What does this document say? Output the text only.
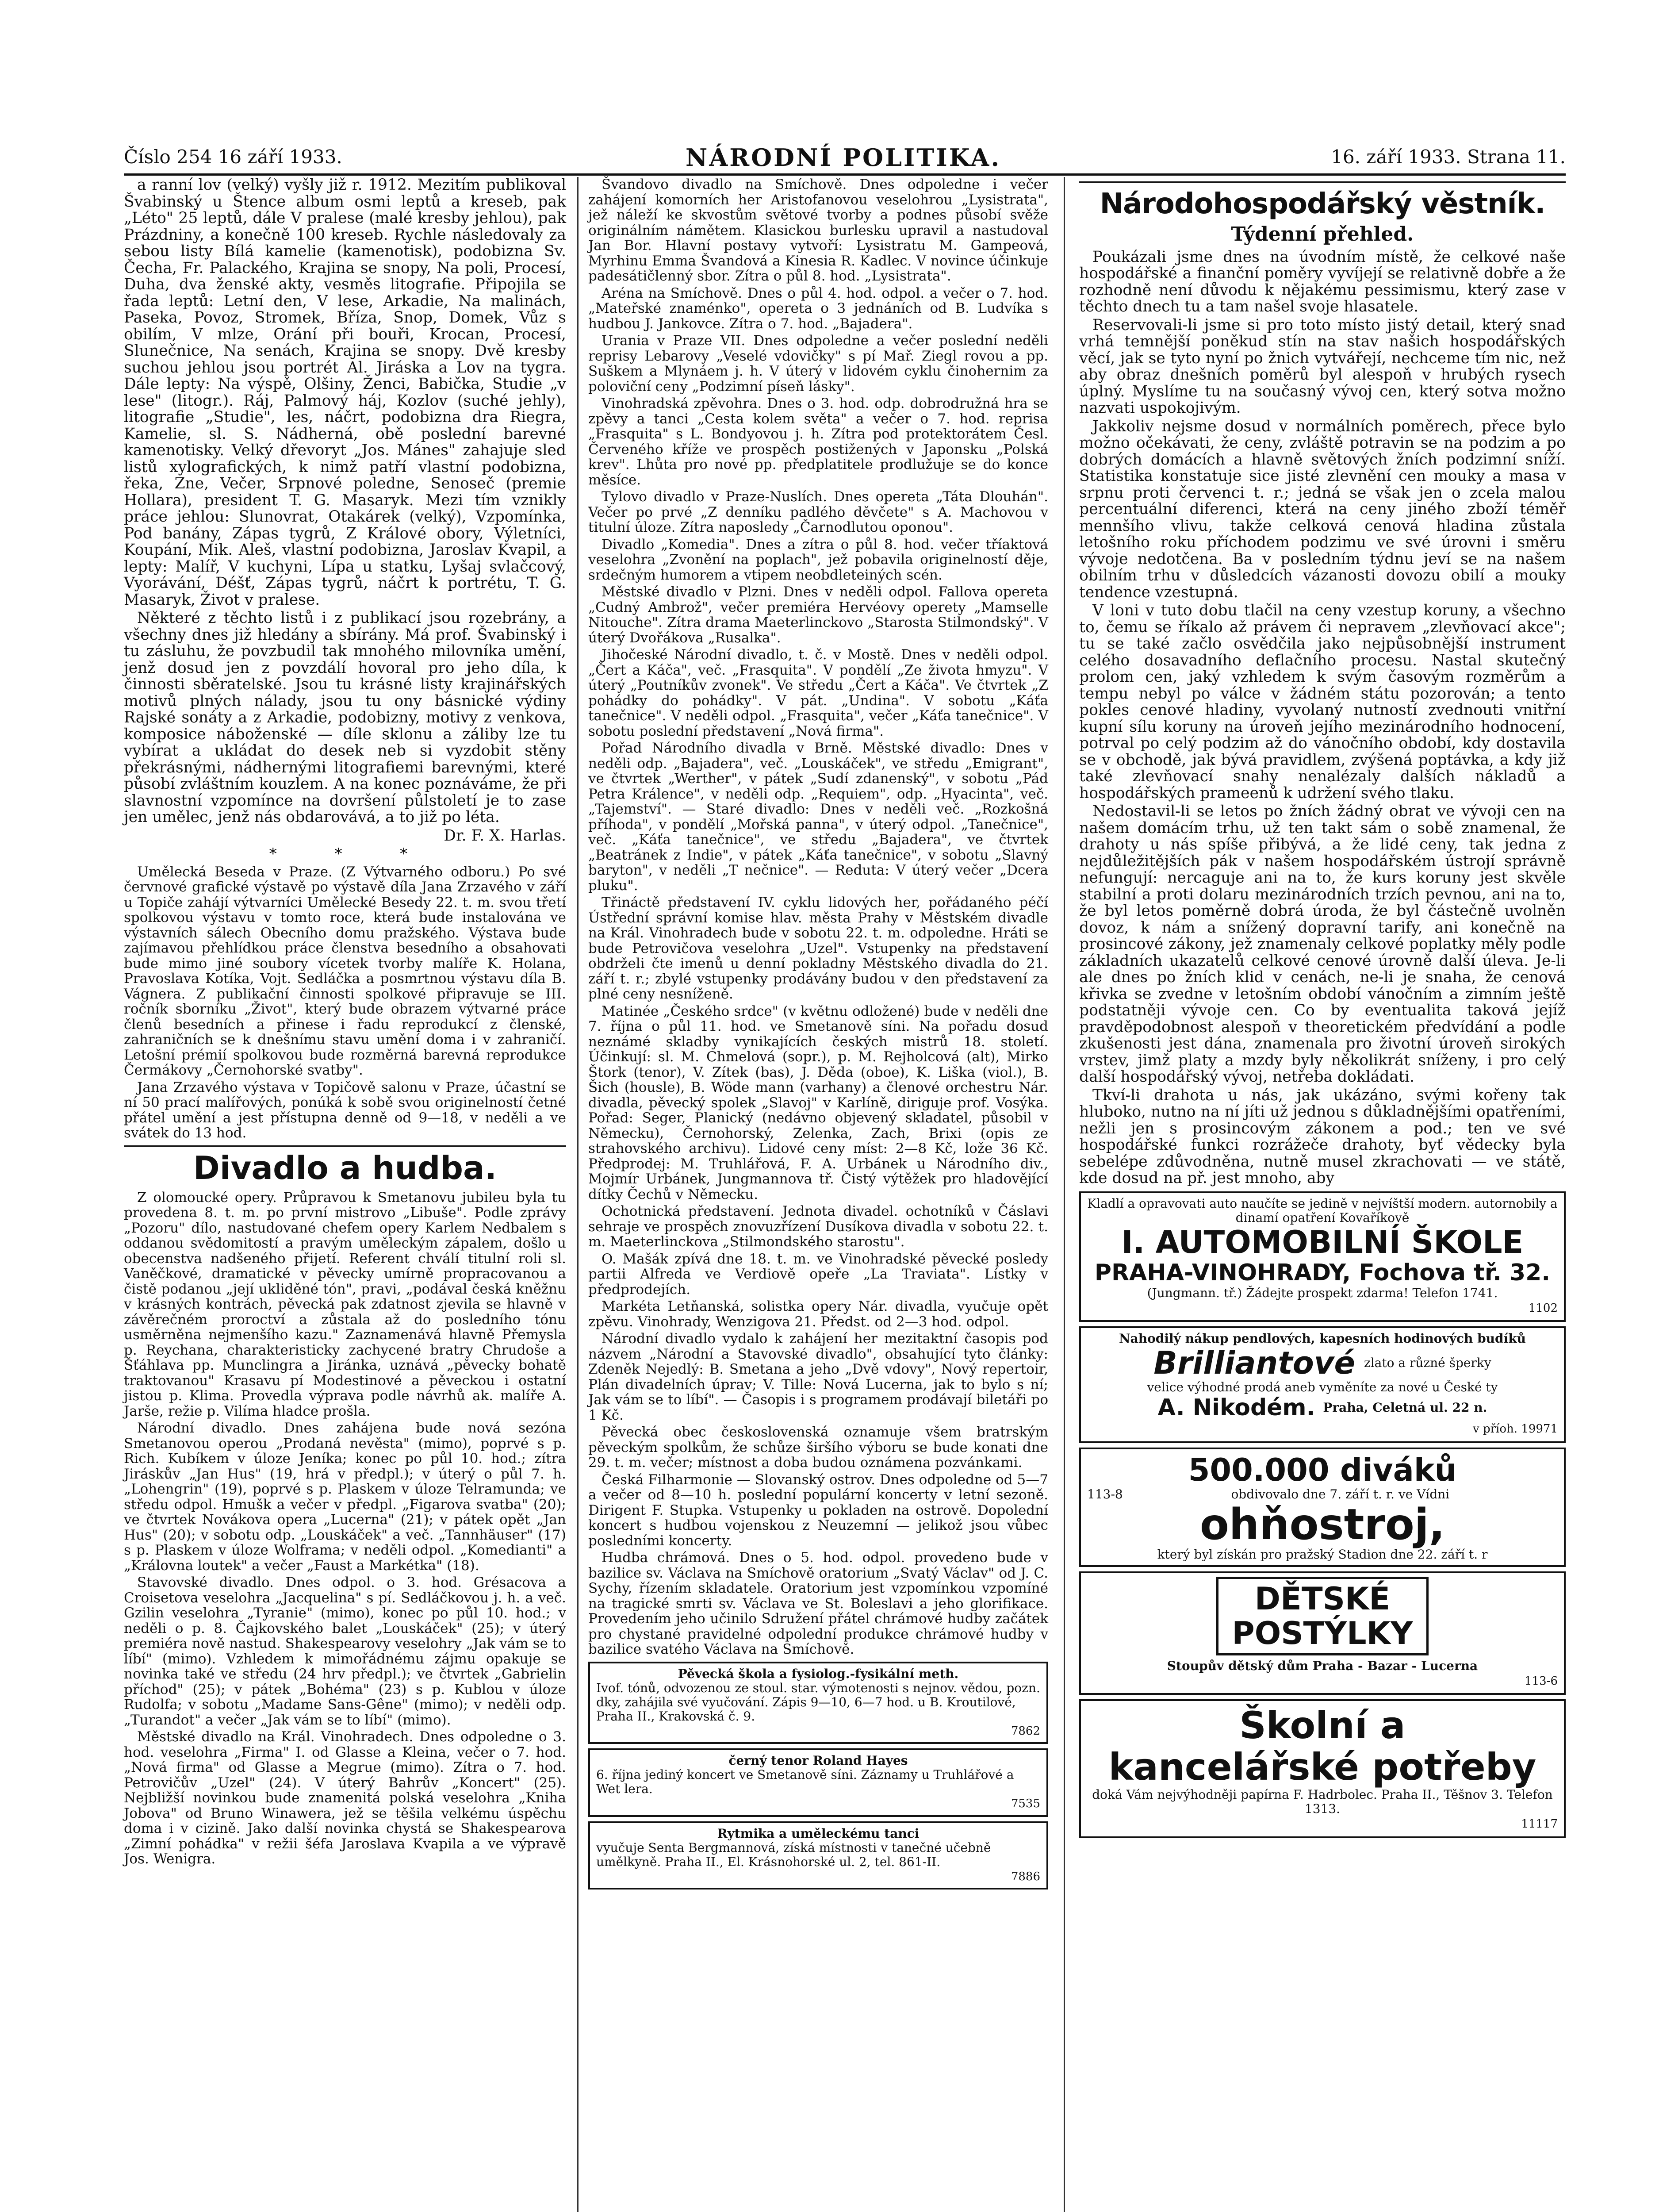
Číslo 254 16 září 1933.	NÁRODNÍ POLITIKA.	16. září 1933. Strana 11.

a ranní lov (velký) vyšly již r. 1912. Mezitím publikoval Švabinský u Štence album osmi leptů a kreseb, pak „Léto" 25 leptů, dále V pralese (malé kresby jehlou), pak Prázdniny, a konečně 100 kreseb. Rychle následovaly za sebou listy Bílá kamelie (kamenotisk), podobizna Sv. Čecha, Fr. Palackého, Krajina se snopy, Na poli, Procesí, Duha, dva ženské akty, vesměs litografie. Připojila se řada leptů: Letní den, V lese, Arkadie, Na malinách, Paseka, Povoz, Stromek, Bříza, Snop, Domek, Vůz s obilím, V mlze, Orání při bouři, Krocan, Procesí, Slunečnice, Na senách, Krajina se snopy. Dvě kresby suchou jehlou jsou portrét Al. Jiráska a Lov na tygra. Dále lepty: Na výspě, Olšiny, Ženci, Babička, Studie „v lese" (litogr.). Ráj, Palmový háj, Kozlov (suché jehly), litografie „Studie", les, náčrt, podobizna dra Riegra, Kamelie, sl. S. Nádherná, obě poslední barevné kamenotisky. Velký dřevoryt „Jos. Mánes" zahajuje sled listů xylografických, k nimž patří vlastní podobizna, řeka, Zne, Večer, Srpnové poledne, Senoseč (premie Hollara), president T. G. Masaryk. Mezi tím vznikly práce jehlou: Slunovrat, Otakárek (velký), Vzpomínka, Pod banány, Zápas tygrů, Z Králové obory, Výletníci, Koupání, Mik. Aleš, vlastní podobizna, Jaroslav Kvapil, a lepty: Malíř, V kuchyni, Lípa u statku, Lyšaj svlačcový, Vyorávání, Déšť, Zápas tygrů, náčrt k portrétu, T. G. Masaryk, Život v pralese.

Některé z těchto listů i z publikací jsou rozebrány, a všechny dnes již hledány a sbírány. Má prof. Švabinský i tu zásluhu, že povzbudil tak mnohého milovníka umění, jenž dosud jen z povzdálí hovoral pro jeho díla, k činnosti sběratelské. Jsou tu krásné listy krajinářských motivů plných nálady, jsou tu ony básnické výdiny Rajské sonáty a z Arkadie, podobizny, motivy z venkova, komposice náboženské — díle sklonu a záliby lze tu vybírat a ukládat do desek neb si vyzdobit stěny překrásnými, nádhernými litografiemi barevnými, které působí zvláštním kouzlem. A na konec poznáváme, že při slavnostní vzpomínce na dovršení půlstoletí je to zase jen umělec, jenž nás obdarovává, a to již po léta.

Dr. F. X. Harlas.

* * *

Umělecká Beseda v Praze. (Z Výtvarného odboru.) Po své červnové grafické výstavě po výstavě díla Jana Zrzavého v září u Topiče zahájí výtvarníci Umělecké Besedy 22. t. m. svou třetí spolkovou výstavu v tomto roce, která bude instalována ve výstavních sálech Obecního domu pražského. Výstava bude zajímavou přehlídkou práce členstva besedního a obsahovati bude mimo jiné soubory vícetek tvorby malíře K. Holana, Pravoslava Kotíka, Vojt. Sedláčka a posmrtnou výstavu díla B. Vágnera. Z publikační činnosti spolkové připravuje se III. ročník sborníku „Život", který bude obrazem výtvarné práce členů besedních a přinese i řadu reprodukcí z členské, zahraničních se k dnešnímu stavu umění doma i v zahraničí. Letošní prémií spolkovou bude rozměrná barevná reprodukce Čermákovy „Černohorské svatby".

Jana Zrzavého výstava v Topičově salonu v Praze, účastní se ní 50 prací malířových, ponúká k sobě svou originelností četné přátel umění a jest přístupna denně od 9—18, v neděli a ve svátek do 13 hod.

Divadlo a hudba.

Z olomoucké opery. Průpravou k Smetanovu jubileu byla tu provedena 8. t. m. po první mistrovo „Libuše". Podle zprávy „Pozoru" dílo, nastudované chefem opery Karlem Nedbalem s oddanou svědomitostí a pravým uměleckým zápalem, došlo u obecenstva nadšeného přijetí. Referent chválí titulní roli sl. Vaněčkové, dramatické v pěvecky umírně propracovanou a čistě podanou „její ukliděné tón", pravi, „podával česká kněžnu v krásných kontrách, pěvecká pak zdatnost zjevila se hlavně v závěrečném proroctví a zůstala až do posledního tónu usměrněna nejmenšího kazu." Zaznamenává hlavně Přemysla p. Reychana, charakteristicky zachycené bratry Chrudoše a Šťáhlava pp. Munclingra a Jiránka, uznává „pěvecky bohatě traktovanou" Krasavu pí Modestinové a pěveckou i ostatní jistou p. Klima. Provedla výprava podle návrhů ak. malíře A. Jarše, režie p. Vilíma hladce prošla.

Národní divadlo. Dnes zahájena bude nová sezóna Smetanovou operou „Prodaná nevěsta" (mimo), poprvé s p. Rich. Kubíkem v úloze Jeníka; konec po půl 10. hod.; zítra Jiráskův „Jan Hus" (19, hrá v předpl.); v úterý o půl 7. h. „Lohengrin" (19), poprvé s p. Plaskem v úloze Telramunda; ve středu odpol. Hmušk a večer v předpl. „Figarova svatba" (20); ve čtvrtek Novákova opera „Lucerna" (21); v pátek opět „Jan Hus" (20); v sobotu odp. „Louskáček" a več. „Tannhäuser" (17) s p. Plaskem v úloze Wolframa; v neděli odpol. „Komedianti" a „Královna loutek" a večer „Faust a Markétka" (18).

Stavovské divadlo. Dnes odpol. o 3. hod. Grésacova a Croisetova veselohra „Jacquelina" s pí. Sedláčkovou j. h. a več. Gzilin veselohra „Tyranie" (mimo), konec po půl 10. hod.; v neděli o p. 8. Čajkovského balet „Louskáček" (25); v úterý premiéra nově nastud. Shakespearovy veselohry „Jak vám se to líbí" (mimo). Vzhledem k mimořádnému zájmu opakuje se novinka také ve středu (24 hrv předpl.); ve čtvrtek „Gabrielin příchod" (25); v pátek „Bohéma" (23) s p. Kublou v úloze Rudolfa; v sobotu „Madame Sans-Gêne" (mimo); v neděli odp. „Turandot" a večer „Jak vám se to líbí" (mimo).

Městské divadlo na Král. Vinohradech. Dnes odpoledne o 3. hod. veselohra „Firma" I. od Glasse a Kleina, večer o 7. hod. „Nová firma" od Glasse a Megrue (mimo). Zítra o 7. hod. Petrovičův „Uzel" (24). V úterý Bahrův „Koncert" (25). Nejbližší novinkou bude znamenitá polská veselohra „Kniha Jobova" od Bruno Winawera, jež se těšila velkému úspěchu doma i v cizině. Jako další novinka chystá se Shakespearova „Zimní pohádka" v režii šéfa Jaroslava Kvapila a ve výpravě Jos. Wenigra.

Švandovo divadlo na Smíchově. Dnes odpoledne i večer zahájení komorních her Aristofanovou veselohrou „Lysistrata", jež náleží ke skvostům světové tvorby a podnes působí svěže originálním námětem. Klasickou burlesku upravil a nastudoval Jan Bor. Hlavní postavy vytvoří: Lysistratu M. Gampeová, Myrhinu Emma Švandová a Kinesia R. Kadlec. V novince účinkuje padesátičlenný sbor. Zítra o půl 8. hod. „Lysistrata".

Aréna na Smíchově. Dnes o půl 4. hod. odpol. a večer o 7. hod. „Mateřské znaménko", opereta o 3 jednáních od B. Ludvíka s hudbou J. Jankovce. Zítra o 7. hod. „Bajadera".

Urania v Praze VII. Dnes odpoledne a večer poslední neděli reprisy Lebarovy „Veselé vdovičky" s pí Mař. Ziegl rovou a pp. Suškem a Mlynáem j. h. V úterý v lidovém cyklu činohernim za poloviční ceny „Podzimní píseň lásky".

Vinohradská zpěvohra. Dnes o 3. hod. odp. dobrodružná hra se zpěvy a tanci „Cesta kolem světa" a večer o 7. hod. reprisa „Frasquita" s L. Bondyovou j. h. Zítra pod protektorátem Česl. Červeného kříže ve prospěch postižených v Japonsku „Polská krev". Lhůta pro nové pp. předplatitele prodlužuje se do konce měsíce.

Tylovo divadlo v Praze-Nuslích. Dnes opereta „Táta Dlouhán". Večer po prvé „Z denníku padlého děvčete" s A. Machovou v titulní úloze. Zítra naposledy „Čarnodlutou oponou".

Divadlo „Komedia". Dnes a zítra o půl 8. hod. večer tříaktová veselohra „Zvonění na poplach", jež pobavila originelností děje, srdečným humorem a vtipem neobdleteiných scén.

Městské divadlo v Plzni. Dnes v neděli odpol. Fallova opereta „Cudný Ambrož", večer premiéra Hervéovy operety „Mamselle Nitouche". Zítra drama Maeterlinckovo „Starosta Stilmondský". V úterý Dvořákova „Rusalka".

Jihočeské Národní divadlo, t. č. v Mostě. Dnes v neděli odpol. „Čert a Káča", več. „Frasquita". V pondělí „Ze života hmyzu". V úterý „Poutníkův zvonek". Ve středu „Čert a Káča". Ve čtvrtek „Z pohádky do pohádky". V pát. „Undina". V sobotu „Káťa tanečnice". V neděli odpol. „Frasquita", večer „Káťa tanečnice". V sobotu poslední představení „Nová firma".

Pořad Národního divadla v Brně. Městské divadlo: Dnes v neděli odp. „Bajadera", več. „Louskáček", ve středu „Emigrant", ve čtvrtek „Werther", v pátek „Sudí zdanenský", v sobotu „Pád Petra Králence", v neděli odp. „Requiem", odp. „Hyacinta", več. „Tajemství". — Staré divadlo: Dnes v neděli več. „Rozkošná příhoda", v pondělí „Mořská panna", v úterý odpol. „Tanečnice", več. „Káťa tanečnice", ve středu „Bajadera", ve čtvrtek „Beatránek z Indie", v pátek „Káťa tanečnice", v sobotu „Slavný baryton", v neděli „T nečnice". — Reduta: V úterý večer „Dcera pluku".

Třináctě představení IV. cyklu lidových her, pořádaného péčí Ústřední správní komise hlav. města Prahy v Městském divadle na Král. Vinohradech bude v sobotu 22. t. m. odpoledne. Hráti se bude Petrovičova veselohra „Uzel". Vstupenky na představení obdrželi čte imenů u denní pokladny Městského divadla do 21. září t. r.; zbylé vstupenky prodávány budou v den představení za plné ceny nesníženě.

Matinée „Českého srdce" (v květnu odložené) bude v neděli dne 7. října o půl 11. hod. ve Smetanově síni. Na pořadu dosud neznámé skladby vynikajících českých mistrů 18. století. Účinkují: sl. M. Chmelová (sopr.), p. M. Rejholcová (alt), Mirko Štork (tenor), V. Zítek (bas), J. Děda (oboe), K. Liška (viol.), B. Šich (housle), B. Wöde mann (varhany) a členové orchestru Nár. divadla, pěvecký spolek „Slavoj" v Karlíně, diriguje prof. Vosýka. Pořad: Seger, Planický (nedávno objevený skladatel, působil v Německu), Černohorský, Zelenka, Zach, Brixi (opis ze strahovského archivu). Lidové ceny míst: 2—8 Kč, lože 36 Kč. Předprodej: M. Truhlářová, F. A. Urbánek u Národního div., Mojmír Urbánek, Jungmannova tř. Čistý výtěžek pro hladovějící dítky Čechů v Německu.

Ochotnická představení. Jednota divadel. ochotníků v Čáslavi sehraje ve prospěch znovuzřízení Dusíkova divadla v sobotu 22. t. m. Maeterlinckova „Stilmondského starostu".

O. Mašák zpívá dne 18. t. m. ve Vinohradské pěvecké posledy partii Alfreda ve Verdiově opeře „La Traviata". Lístky v předprodejích.

Markéta Letňanská, solistka opery Nár. divadla, vyučuje opět zpěvu. Vinohrady, Wenzigova 21. Předst. od 2—3 hod. odpol.

Národní divadlo vydalo k zahájení her mezitaktní časopis pod názvem „Národní a Stavovské divadlo", obsahující tyto články: Zdeněk Nejedlý: B. Smetana a jeho „Dvě vdovy", Nový repertoir, Plán divadelních úprav; V. Tille: Nová Lucerna, jak to bylo s ní; Jak vám se to líbí". — Časopis i s programem prodávají biletáři po 1 Kč.

Pěvecká obec československá oznamuje všem bratrským pěveckým spolkům, že schůze širšího výboru se bude konati dne 29. t. m. večer; místnost a doba budou oznámena pozvánkami.

Česká Filharmonie — Slovanský ostrov. Dnes odpoledne od 5—7 a večer od 8—10 h. poslední populární koncerty v letní sezoně. Dirigent F. Stupka. Vstupenky u pokladen na ostrově. Dopolední koncert s hudbou vojenskou z Neuzemní — jelikož jsou vůbec posledními koncerty.

Hudba chrámová. Dnes o 5. hod. odpol. provedeno bude v bazilice sv. Václava na Smíchově oratorium „Svatý Václav" od J. C. Sychy, řízením skladatele. Oratorium jest vzpomínkou vzpomíné na tragické smrti sv. Václava ve St. Boleslavi a jeho glorifikace. Provedením jeho učinilo Sdružení přátel chrámové hudby začátek pro chystané pravidelné odpolední produkce chrámové hudby v bazilice svatého Václava na Smíchově.

Pěvecká škola a fysiolog.-fysikální meth.
Ivof. tónů, odvozenou ze stoul. star. výmotenosti s nejnov. vědou, pozn. dky, zahájila své vyučování. Zápis 9—10, 6—7 hod. u B. Kroutilové, Praha II., Krakovská č. 9.
7862
černý tenor Roland Hayes
6. října jediný koncert ve Smetanově síni. Záznamy u Truhlářové a Wet lera.
7535
Rytmika a uměleckému tanci
vyučuje Senta Bergmannová, získá místnosti v tanečné učebně umělkyně. Praha II., El. Krásnohorské ul. 2, tel. 861-II.
7886
Národohospodářský věstník.
Týdenní přehled.

Poukázali jsme dnes na úvodním místě, že celkové naše hospodářské a finanční poměry vyvíjejí se relativně dobře a že rozhodně není důvodu k nějakému pessimismu, který zase v těchto dnech tu a tam našel svoje hlasatele.

Reservovali-li jsme si pro toto místo jistý detail, který snad vrhá temnější poněkud stín na stav našich hospodářských věcí, jak se tyto nyní po žnich vytvářejí, nechceme tím nic, než aby obraz dnešních poměrů byl alespoň v hrubých rysech úplný. Myslíme tu na současný vývoj cen, který sotva možno nazvati uspokojivým.

Jakkoliv nejsme dosud v normálních poměrech, přece bylo možno očekávati, že ceny, zvláště potravin se na podzim a po dobrých domácích a hlavně světových žních podzimní sníží. Statistika konstatuje sice jisté zlevnění cen mouky a masa v srpnu proti červenci t. r.; jedná se však jen o zcela malou percentuální diferenci, která na ceny jiného zboží téměř mennšího vlivu, takže celková cenová hladina zůstala letošního roku příchodem podzimu ve své úrovni i směru vývoje nedotčena. Ba v posledním týdnu jeví se na našem obilním trhu v důsledcích vázanosti dovozu obilí a mouky tendence vzestupná.

V loni v tuto dobu tlačil na ceny vzestup koruny, a všechno to, čemu se říkalo až právem či nepravem „zlevňovací akce"; tu se také začlo osvědčila jako nejpůsobnější instrument celého dosavadního deflačního procesu. Nastal skutečný prolom cen, jaký vzhledem k svým časovým rozměrům a tempu nebyl po válce v žádném státu pozorován; a tento pokles cenové hladiny, vyvolaný nutností zvednouti vnitřní kupní sílu koruny na úroveň jejího mezinárodního hodnocení, potrval po celý podzim až do vánočního období, kdy dostavila se v obchodě, jak bývá pravidlem, zvýšená poptávka, a kdy již také zlevňovací snahy nenalézaly dalších nákladů a hospodářských prameenů k udržení svého tlaku.

Nedostavil-li se letos po žních žádný obrat ve vývoji cen na našem domácím trhu, už ten takt sám o sobě znamenal, že drahoty u nás spíše přibývá, a že lidé ceny, tak jedna z nejdůležitějších pák v našem hospodářském ústrojí správně nefungují: nercaguje ani na to, že kurs koruny jest skvěle stabilní a proti dolaru mezinárodních trzích pevnou, ani na to, že byl letos poměrně dobrá úroda, že byl částečně uvolněn dovoz, k nám a snížený dopravní tarify, ani konečně na prosincové zákony, jež znamenaly celkové poplatky měly podle základních ukazatelů celkové cenové úrovně další úleva. Je-li ale dnes po žních klid v cenách, ne-li je snaha, že cenová křivka se zvedne v letošním období vánočním a zimním ještě podstatněji vývoje cen. Co by eventualita taková jejíž pravděpodobnost alespoň v theoretickém předvídání a podle zkušenosti jest dána, znamenala pro životní úroveň sirokých vrstev, jimž platy a mzdy byly několikrát sníženy, i pro celý další hospodářský vývoj, netřeba dokládati.

Tkví-li drahota u nás, jak ukázáno, svými kořeny tak hluboko, nutno na ní jíti už jednou s důkladnějšími opatřeními, nežli jen s prosincovým zákonem a pod.; ten ve své hospodářské funkci rozrážeče drahoty, byť vědecky byla sebelépe zdůvodněna, nutně musel zkrachovati — ve státě, kde dosud na př. jest mnoho, aby

Kladlí a opravovati auto naučíte se jedině v nejvíštší modern. autornobily a dinamí opatření Kovaříkově
I. AUTOMOBILNÍ ŠKOLE
PRAHA-VINOHRADY, Fochova tř. 32.
(Jungmann. tř.) Žádejte prospekt zdarma! Telefon 1741.
1102
Nahodilý nákup pendlových, kapesních hodinových budíků
Brilliantové zlato a různé šperky
velice výhodné prodá aneb vyměníte za nové u České ty
A. Nikodém. Praha, Celetná ul. 22 n.
v příoh. 19971
500.000 diváků
113-8	obdivovalo dne 7. září t. r. ve Vídni
ohňostroj,
který byl získán pro pražský Stadion dne 22. září t. r
DĚTSKÉ
POSTÝLKY
Stoupův dětský dům Praha - Bazar - Lucerna
113-6
Školní a
kancelářské potřeby
doká Vám nejvýhodněji papírna F. Hadrbolec. Praha II., Těšnov 3. Telefon 1313.
11117
